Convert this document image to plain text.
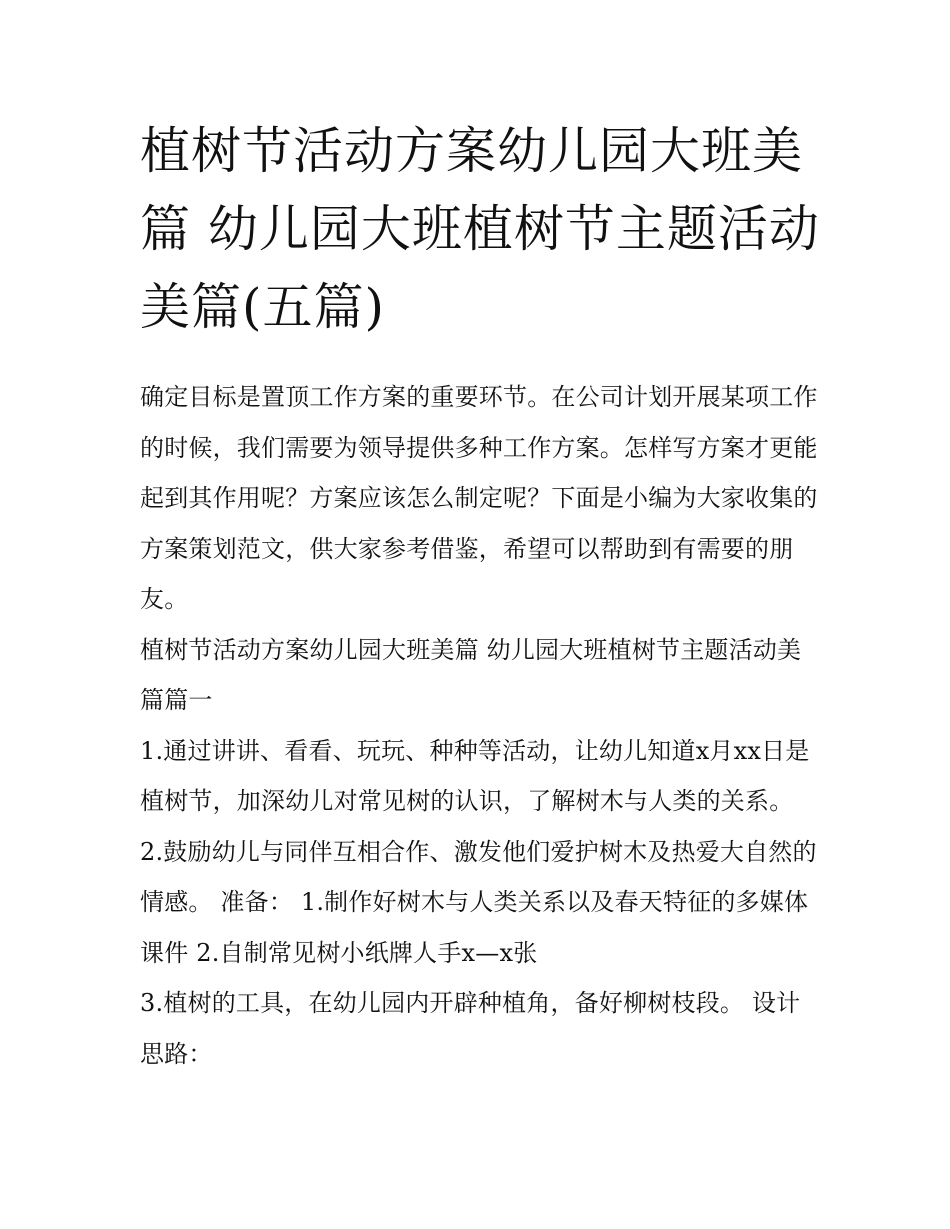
植树节活动方案幼儿园大班美篇 幼儿园大班植树节主题活动美篇(五篇)

确定目标是置顶工作方案的重要环节。在公司计划开展某项工作的时候，我们需要为领导提供多种工作方案。怎样写方案才更能起到其作用呢？方案应该怎么制定呢？下面是小编为大家收集的方案策划范文，供大家参考借鉴，希望可以帮助到有需要的朋友。

植树节活动方案幼儿园大班美篇 幼儿园大班植树节主题活动美篇篇一

1.通过讲讲、看看、玩玩、种种等活动，让幼儿知道x月xx日是植树节，加深幼儿对常见树的认识，了解树木与人类的关系。

2.鼓励幼儿与同伴互相合作、激发他们爱护树木及热爱大自然的情感。 准备： 1.制作好树木与人类关系以及春天特征的多媒体课件 2.自制常见树小纸牌人手x—x张

3.植树的工具，在幼儿园内开辟种植角，备好柳树枝段。 设计思路：
